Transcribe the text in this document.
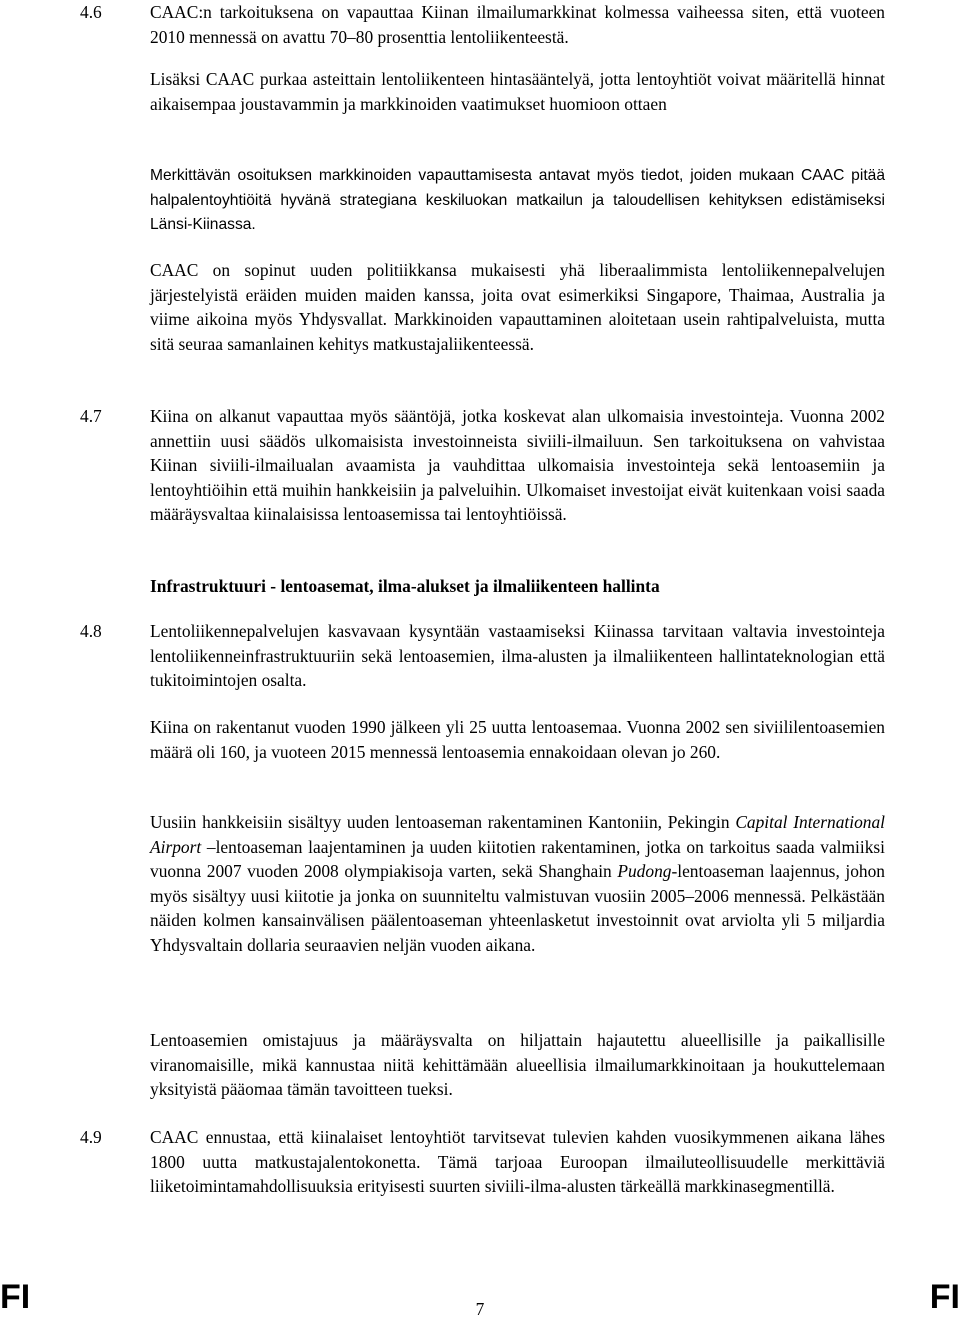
4.6	CAAC:n tarkoituksena on vapauttaa Kiinan ilmailumarkkinat kolmessa vaiheessa siten, että vuoteen 2010 mennessä on avattu 70–80 prosenttia lentoliikenteestä.
Lisäksi CAAC purkaa asteittain lentoliikenteen hintasääntelyä, jotta lentoyhtiöt voivat määritellä hinnat aikaisempaa joustavammin ja markkinoiden vaatimukset huomioon ottaen
Merkittävän osoituksen markkinoiden vapauttamisesta antavat myös tiedot, joiden mukaan CAAC pitää halpalentoyhtiöitä hyvänä strategiana keskiluokan matkailun ja taloudellisen kehityksen edistämiseksi Länsi-Kiinassa.
CAAC on sopinut uuden politiikkansa mukaisesti yhä liberaalimmista lentoliikennepalvelujen järjestelyistä eräiden muiden maiden kanssa, joita ovat esimerkiksi Singapore, Thaimaa, Australia ja viime aikoina myös Yhdysvallat. Markkinoiden vapauttaminen aloitetaan usein rahtipalveluista, mutta sitä seuraa samanlainen kehitys matkustajaliikenteessä.
4.7	Kiina on alkanut vapauttaa myös sääntöjä, jotka koskevat alan ulkomaisia investointeja. Vuonna 2002 annettiin uusi säädös ulkomaisista investoinneista siviili-ilmailuun. Sen tarkoituksena on vahvistaa Kiinan siviili-ilmailualan avaamista ja vauhdittaa ulkomaisia investointeja sekä lentoasemiin ja lentoyhtiöihin että muihin hankkeisiin ja palveluihin. Ulkomaiset investoijat eivät kuitenkaan voisi saada määräysvaltaa kiinalaisissa lentoasemissa tai lentoyhtiöissä.
Infrastruktuuri - lentoasemat, ilma-alukset ja ilmaliikenteen hallinta
4.8	Lentoliikennepalvelujen kasvavaan kysyntään vastaamiseksi Kiinassa tarvitaan valtavia investointeja lentoliikenneinfrastruktuuriin sekä lentoasemien, ilma-alusten ja ilmaliikenteen hallintateknologian että tukitoimintojen osalta.
Kiina on rakentanut vuoden 1990 jälkeen yli 25 uutta lentoasemaa. Vuonna 2002 sen siviililentoasemien määrä oli 160, ja vuoteen 2015 mennessä lentoasemia ennakoidaan olevan jo 260.
Uusiin hankkeisiin sisältyy uuden lentoaseman rakentaminen Kantoniin, Pekingin Capital International Airport –lentoaseman laajentaminen ja uuden kiitotien rakentaminen, jotka on tarkoitus saada valmiiksi vuonna 2007 vuoden 2008 olympiakisoja varten, sekä Shanghain Pudong-lentoaseman laajennus, johon myös sisältyy uusi kiitotie ja jonka on suunniteltu valmistuvan vuosiin 2005–2006 mennessä. Pelkästään näiden kolmen kansainvälisen päälentoaseman yhteenlasketut investoinnit ovat arviolta yli 5 miljardia Yhdysvaltain dollaria seuraavien neljän vuoden aikana.
Lentoasemien omistajuus ja määräysvalta on hiljattain hajautettu alueellisille ja paikallisille viranomaisille, mikä kannustaa niitä kehittämään alueellisia ilmailumarkkinoitaan ja houkuttelemaan yksityistä pääomaa tämän tavoitteen tueksi.
4.9	CAAC ennustaa, että kiinalaiset lentoyhtiöt tarvitsevat tulevien kahden vuosikymmenen aikana lähes 1800 uutta matkustajalentokonetta. Tämä tarjoaa Euroopan ilmailuteollisuudelle merkittäviä liiketoimintamahdollisuuksia erityisesti suurten siviili-ilma-alusten tärkeällä markkinasegmentillä.
FI	7	FI
